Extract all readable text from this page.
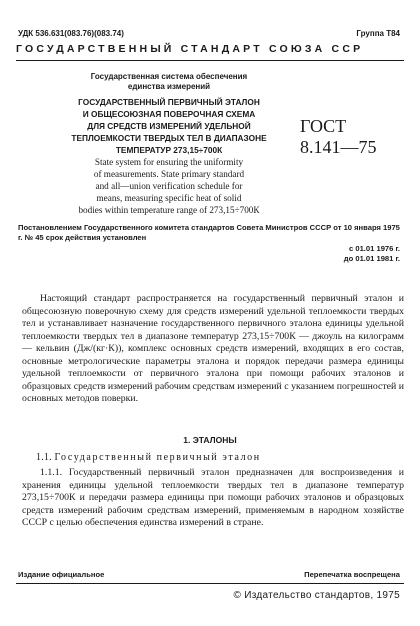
УДК 536.631(083.76)(083.74)	Группа Т84
ГОСУДАРСТВЕННЫЙ СТАНДАРТ СОЮЗА ССР
Государственная система обеспечения
единства измерений
ГОСУДАРСТВЕННЫЙ ПЕРВИЧНЫЙ ЭТАЛОН
И ОБЩЕСОЮЗНАЯ ПОВЕРОЧНАЯ СХЕМА
ДЛЯ СРЕДСТВ ИЗМЕРЕНИЙ УДЕЛЬНОЙ
ТЕПЛОЕМКОСТИ ТВЕРДЫХ ТЕЛ В ДИАПАЗОНЕ
ТЕМПЕРАТУР 273,15÷700К
State system for ensuring the uniformity
of measurements. State primary standard
and all—union verification schedule for
means, measuring specific heat of solid
bodies within temperature range of 273,15÷700К
ГОСТ
8.141—75
Постановлением Государственного комитета стандартов Совета Министров СССР от 10 января 1975 г. № 45 срок действия установлен
с 01.01 1976 г.
до 01.01 1981 г.
Настоящий стандарт распространяется на государственный первичный эталон и общесоюзную поверочную схему для средств измерений удельной теплоемкости твердых тел и устанавливает назначение государственного первичного эталона единицы удельной теплоемкости твердых тел в диапазоне температур 273,15÷700К — джоуль на килограмм — кельвин (Дж/(кг·К)), комплекс основных средств измерений, входящих в его состав, основные метрологические параметры эталона и порядок передачи размера единицы удельной теплоемкости от первичного эталона при помощи рабочих эталонов и образцовых средств измерений рабочим средствам измерений с указанием погрешностей и основных методов поверки.
1. ЭТАЛОНЫ
1.1. Государственный первичный эталон
1.1.1. Государственный первичный эталон предназначен для воспроизведения и хранения единицы удельной теплоемкости твердых тел в диапазоне температур 273,15÷700К и передачи размера единицы при помощи рабочих эталонов и образцовых средств измерений рабочим средствам измерений, применяемым в народном хозяйстве СССР с целью обеспечения единства измерений в стране.
Издание официальное	Перепечатка воспрещена
© Издательство стандартов, 1975
